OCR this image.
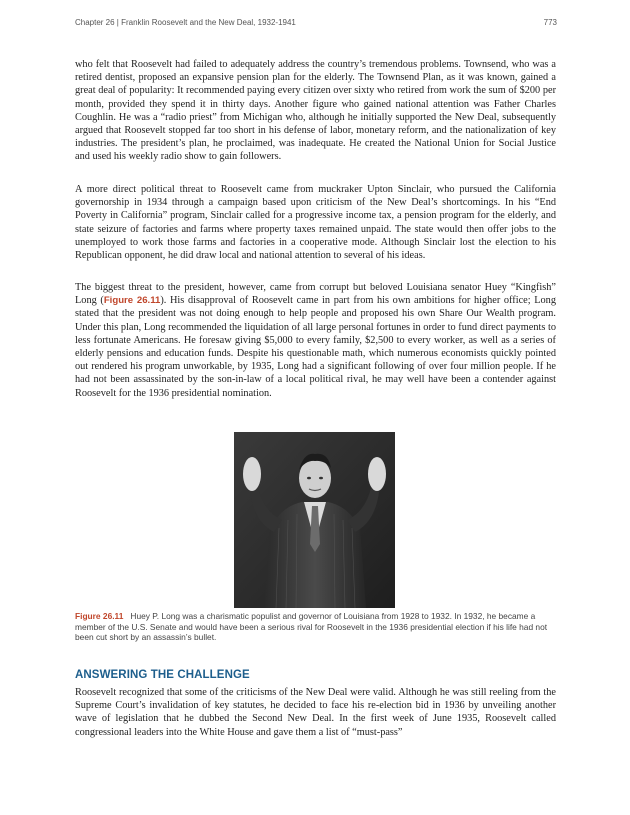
Chapter 26 | Franklin Roosevelt and the New Deal, 1932-1941	773

who felt that Roosevelt had failed to adequately address the country’s tremendous problems. Townsend, who was a retired dentist, proposed an expansive pension plan for the elderly. The Townsend Plan, as it was known, gained a great deal of popularity: It recommended paying every citizen over sixty who retired from work the sum of $200 per month, provided they spend it in thirty days. Another figure who gained national attention was Father Charles Coughlin. He was a “radio priest” from Michigan who, although he initially supported the New Deal, subsequently argued that Roosevelt stopped far too short in his defense of labor, monetary reform, and the nationalization of key industries. The president’s plan, he proclaimed, was inadequate. He created the National Union for Social Justice and used his weekly radio show to gain followers.

A more direct political threat to Roosevelt came from muckraker Upton Sinclair, who pursued the California governorship in 1934 through a campaign based upon criticism of the New Deal’s shortcomings. In his “End Poverty in California” program, Sinclair called for a progressive income tax, a pension program for the elderly, and state seizure of factories and farms where property taxes remained unpaid. The state would then offer jobs to the unemployed to work those farms and factories in a cooperative mode. Although Sinclair lost the election to his Republican opponent, he did draw local and national attention to several of his ideas.

The biggest threat to the president, however, came from corrupt but beloved Louisiana senator Huey “Kingfish” Long (Figure 26.11). His disapproval of Roosevelt came in part from his own ambitions for higher office; Long stated that the president was not doing enough to help people and proposed his own Share Our Wealth program. Under this plan, Long recommended the liquidation of all large personal fortunes in order to fund direct payments to less fortunate Americans. He foresaw giving $5,000 to every family, $2,500 to every worker, as well as a series of elderly pensions and education funds. Despite his questionable math, which numerous economists quickly pointed out rendered his program unworkable, by 1935, Long had a significant following of over four million people. If he had not been assassinated by the son-in-law of a local political rival, he may well have been a contender against Roosevelt for the 1936 presidential nomination.

Figure 26.11 Huey P. Long was a charismatic populist and governor of Louisiana from 1928 to 1932. In 1932, he became a member of the U.S. Senate and would have been a serious rival for Roosevelt in the 1936 presidential election if his life had not been cut short by an assassin’s bullet.

ANSWERING THE CHALLENGE

Roosevelt recognized that some of the criticisms of the New Deal were valid. Although he was still reeling from the Supreme Court’s invalidation of key statutes, he decided to face his re-election bid in 1936 by unveiling another wave of legislation that he dubbed the Second New Deal. In the first week of June 1935, Roosevelt called congressional leaders into the White House and gave them a list of “must-pass”
